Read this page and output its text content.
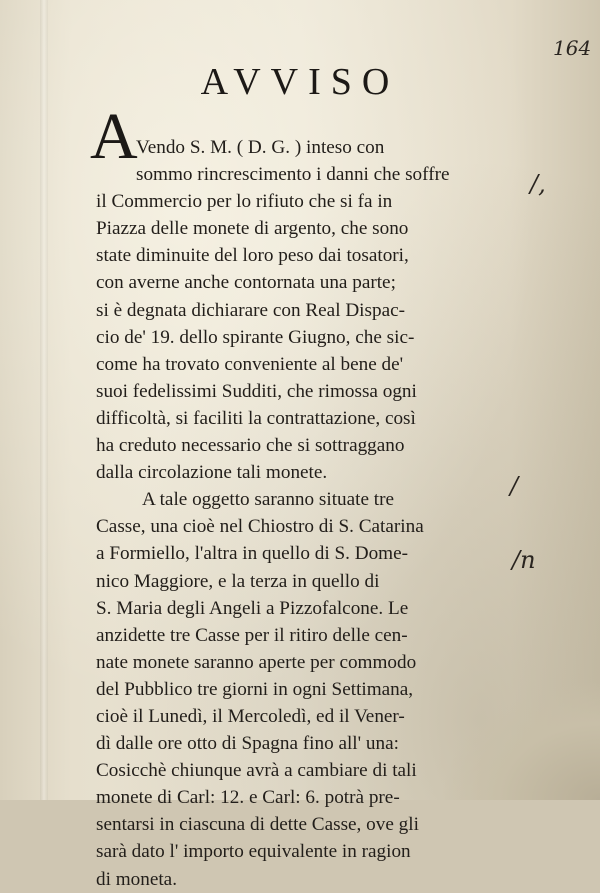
164
AVVISO
A
Vendo S. M. ( D. G. ) inteso con
sommo rincrescimento i danni che soffre
il Commercio per lo rifiuto che si fa in
Piazza delle monete di argento, che sono
state diminuite del loro peso dai tosatori,
con averne anche contornata una parte;
si è degnata dichiarare con Real Dispac-
cio de' 19. dello spirante Giugno, che sic-
come ha trovato conveniente al bene de'
suoi fedelissimi Sudditi, che rimossa ogni
difficoltà, si faciliti la contrattazione, così
ha creduto necessario che si sottraggano
dalla circolazione tali monete.
A tale oggetto saranno situate tre
Casse, una cioè nel Chiostro di S. Catarina
a Formiello, l'altra in quello di S. Dome-
nico Maggiore, e la terza in quello di
S. Maria degli Angeli a Pizzofalcone. Le
anzidette tre Casse per il ritiro delle cen-
nate monete saranno aperte per commodo
del Pubblico tre giorni in ogni Settimana,
cioè il Lunedì, il Mercoledì, ed il Vener-
dì dalle ore otto di Spagna fino all' una:
Cosicchè chiunque avrà a cambiare di tali
monete di Carl: 12. e Carl: 6. potrà pre-
sentarsi in ciascuna di dette Casse, ove gli
sarà dato l' importo equivalente in ragion
di moneta.
/,
/
/n
